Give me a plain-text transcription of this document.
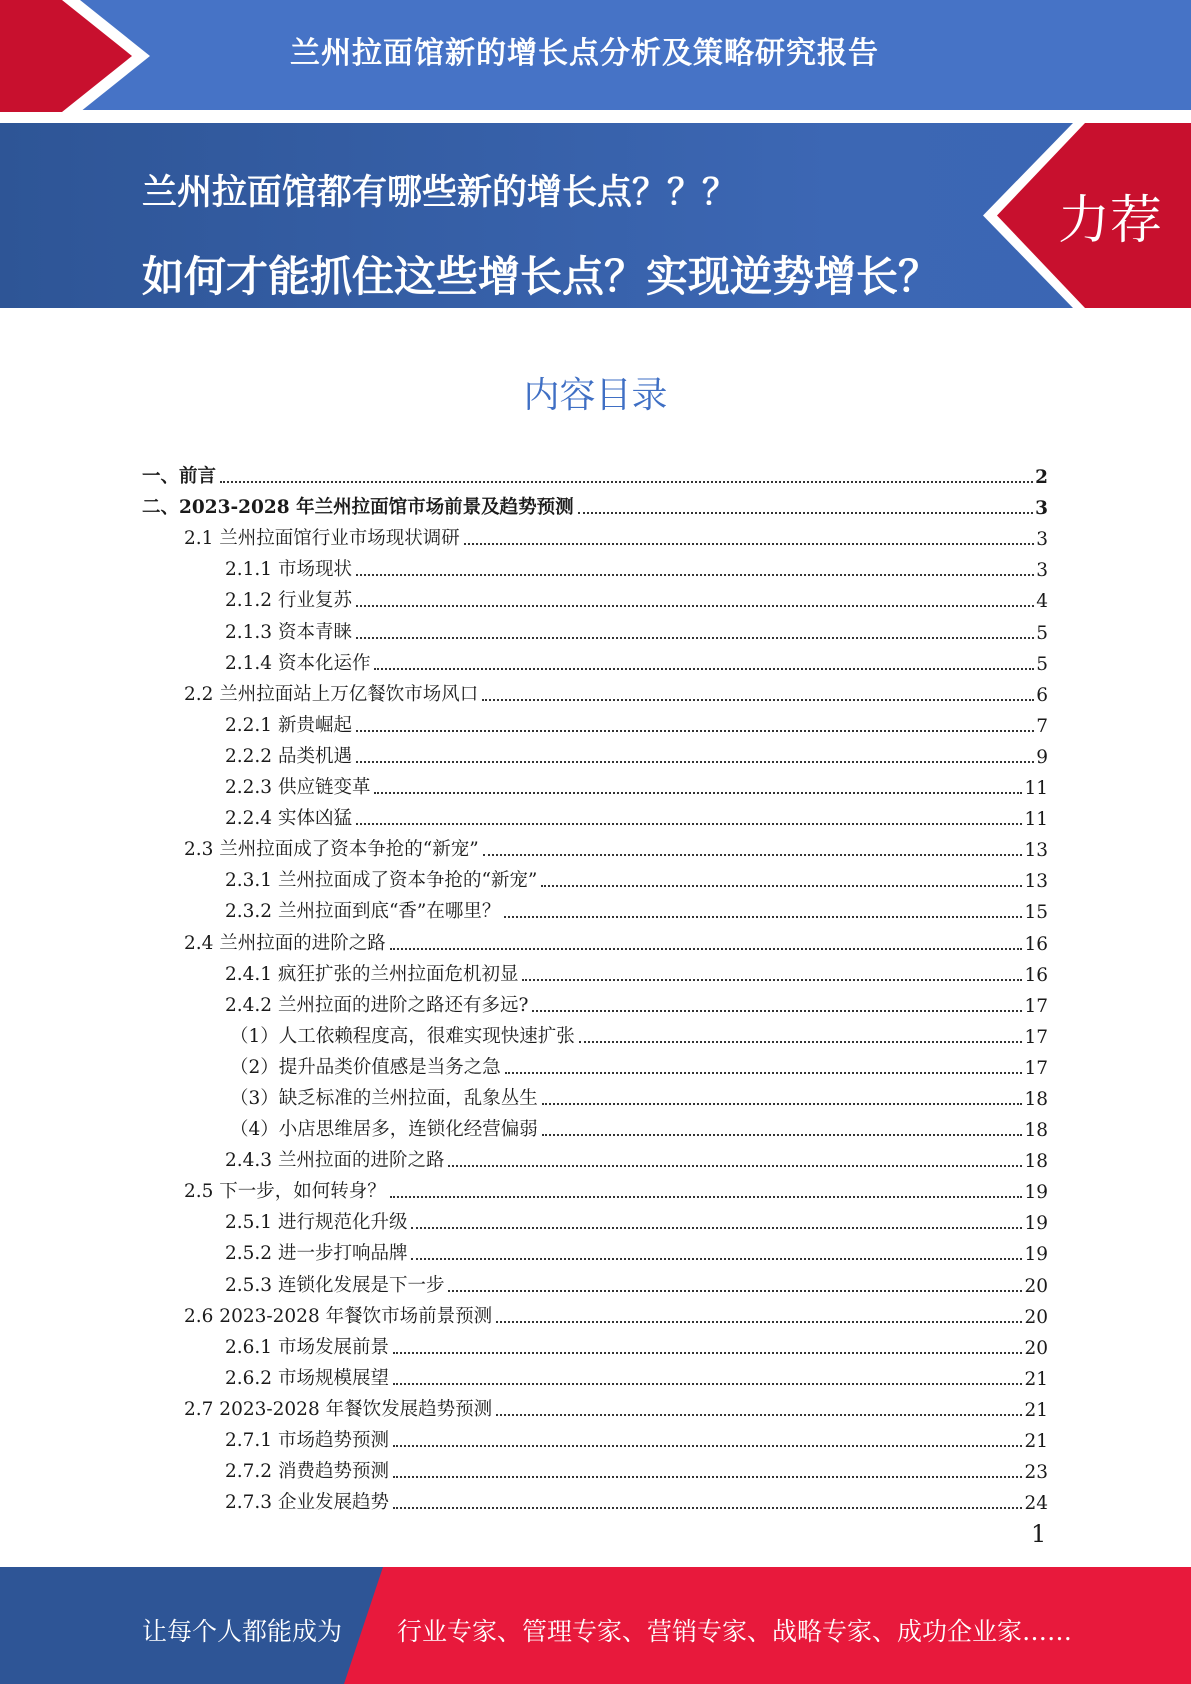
兰州拉面馆新的增长点分析及策略研究报告
兰州拉面馆都有哪些新的增长点？？？
如何才能抓住这些增长点？实现逆势增长？
力荐
内容目录
一、前言	2
二、2023-2028 年兰州拉面馆市场前景及趋势预测	3
2.1 兰州拉面馆行业市场现状调研	3
2.1.1 市场现状	3
2.1.2 行业复苏	4
2.1.3 资本青睐	5
2.1.4 资本化运作	5
2.2 兰州拉面站上万亿餐饮市场风口	6
2.2.1 新贵崛起	7
2.2.2 品类机遇	9
2.2.3 供应链变革	11
2.2.4 实体凶猛	11
2.3 兰州拉面成了资本争抢的“新宠”	13
2.3.1 兰州拉面成了资本争抢的“新宠”	13
2.3.2 兰州拉面到底“香”在哪里？	15
2.4 兰州拉面的进阶之路	16
2.4.1 疯狂扩张的兰州拉面危机初显	16
2.4.2 兰州拉面的进阶之路还有多远?	17
（1）人工依赖程度高，很难实现快速扩张	17
（2）提升品类价值感是当务之急	17
（3）缺乏标准的兰州拉面，乱象丛生	18
（4）小店思维居多，连锁化经营偏弱	18
2.4.3 兰州拉面的进阶之路	18
2.5 下一步，如何转身？	19
2.5.1 进行规范化升级	19
2.5.2 进一步打响品牌	19
2.5.3 连锁化发展是下一步	20
2.6 2023-2028 年餐饮市场前景预测	20
2.6.1 市场发展前景	20
2.6.2 市场规模展望	21
2.7 2023-2028 年餐饮发展趋势预测	21
2.7.1 市场趋势预测	21
2.7.2 消费趋势预测	23
2.7.3 企业发展趋势	24
1
让每个人都能成为 行业专家、管理专家、营销专家、战略专家、成功企业家……
